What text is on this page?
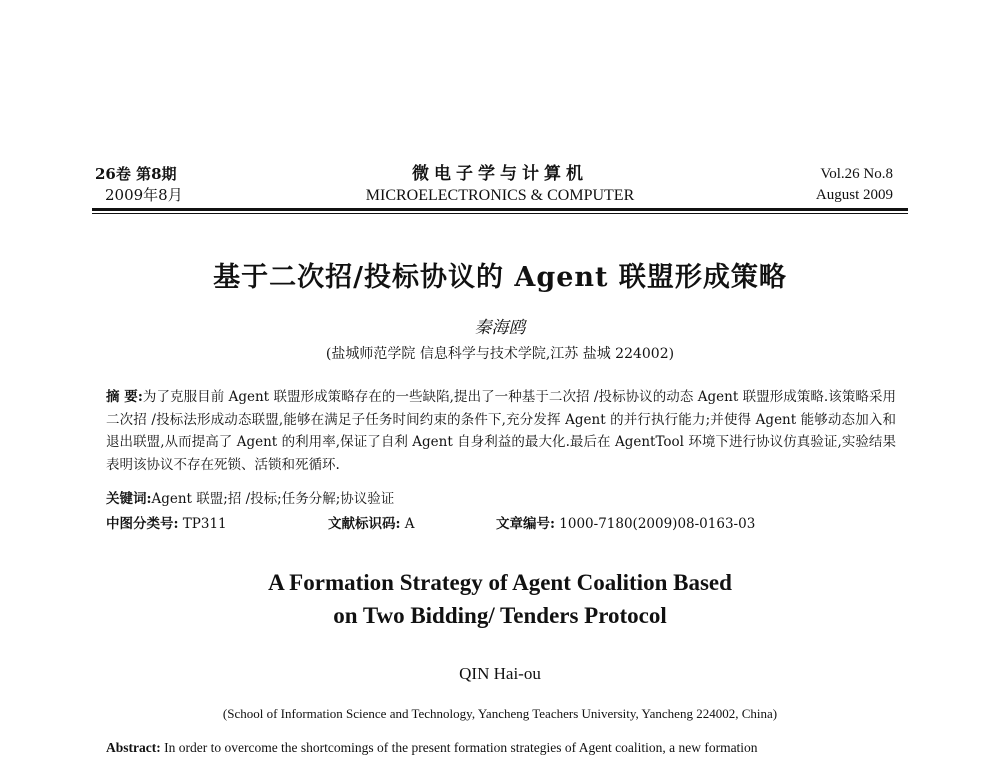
26卷 第8期
2009年8月
微电子学与计算机
MICROELECTRONICS & COMPUTER
Vol.26 No.8
August 2009
基于二次招/投标协议的 Agent 联盟形成策略
秦海鸥
(盐城师范学院 信息科学与技术学院,江苏 盐城 224002)
摘 要:为了克服目前 Agent 联盟形成策略存在的一些缺陷,提出了一种基于二次招 /投标协议的动态 Agent 联盟形成策略.该策略采用二次招 /投标法形成动态联盟,能够在满足子任务时间约束的条件下,充分发挥 Agent 的并行执行能力;并使得 Agent 能够动态加入和退出联盟,从而提高了 Agent 的利用率,保证了自利 Agent 自身利益的最大化.最后在 AgentTool 环境下进行协议仿真验证,实验结果表明该协议不存在死锁、活锁和死循环.
关键词:Agent 联盟;招 /投标;任务分解;协议验证
中图分类号: TP311	文献标识码: A	文章编号: 1000-7180(2009)08-0163-03
A Formation Strategy of Agent Coalition Based
on Two Bidding/ Tenders Protocol
QIN Hai-ou
(School of Information Science and Technology, Yancheng Teachers University, Yancheng 224002, China)
Abstract: In order to overcome the shortcomings of the present formation strategies of Agent coalition, a new formation
